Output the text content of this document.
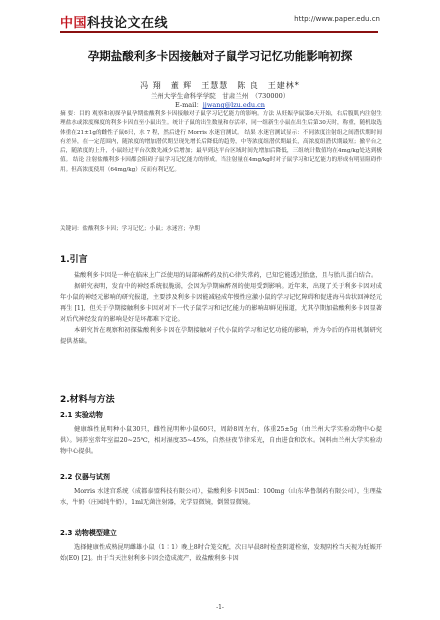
中国科技论文在线	http://www.paper.edu.cn
孕期盐酸利多卡因接触对子鼠学习记忆功能影响初探
冯 翔　董 辉　王慧慧　陈 良　王建林*
兰州大学生命科学学院　甘肃兰州　（730000）
E-mail：jjwang@lzu.edu.cn
摘 要：目的 观察和初探孕鼠孕期盐酸利多卡因接触对子鼠学习记忆能力的影响。方法 从妊娠孕鼠第6天开始，右后腹肌内注射生理盐水或浓度梯度的利多卡因直至小鼠出生。统计子鼠的出生数量和存活率，同一组新生小鼠在出生后第30天时，称重，随机取选体重在21±1g的雌性子鼠6只，水 7 程，然后进行 Morris 水迷宫测试。 结果 水迷宫测试显示：不同浓度注射组之间潜伏期时间有差异，在一定范围内，随浓度的增加潜伏期呈现先增长后降低的趋势，中等浓度组潜伏期最长，高浓度组潜伏期最短；撤平台之后，随浓度的上升，小鼠经过平台次数先减少后增加；最早到达平台区域时间先增加后降低，三组统计数值均在4mg/kg处达到极值。 结论 注射盐酸利多卡因都会阻碍子鼠学习记忆能力的形成。当注射量在4mg/kg时对子鼠学习和记忆能力的形成有明显阻碍作用。但高浓度使用（64mg/kg）反而有利记忆。
关键词：盐酸利多卡因；学习记忆；小鼠；水迷宫；孕期
1.引言

盐酸利多卡因是一种在临床上广泛使用的局部麻醉药及抗心律失常药，已知它能透过胎盘，且与胎儿蛋白结合。

据研究表明，发育中的神经系统很脆弱，会因为孕期麻醉剂的使用受到影响。近年来，出现了关于利多卡因对成年小鼠的神经元影响的研究报道，主要涉及利多卡因能减轻成年慢性应激小鼠的学习记忆障碍和促进海马齿状回神经元再生 [1]，但关于孕期接触利多卡因对对下一代子鼠学习和记忆能力的影响却鲜见报道，尤其孕期加盐酸利多卡因显著对后代神经发育的影响是好是坏都难下定论。

本研究旨在观察和初探盐酸利多卡因在孕期接触对子代小鼠的学习和记忆功能的影响，并为今后的作用机制研究提供基础。

2.材料与方法
2.1 实验动物

健康维性昆明种小鼠30只，雌性昆明种小鼠60只，周龄8周左右，体重25±5g（由兰州大学实验动物中心提供）。饲养室常年室温20~25℃，相对湿度35~45%，自然昼夜节律采光，自由进食和饮水。饲料由兰州大学实验动物中心提供。

2.2 仪器与试剂

Morris 水迷宫系统（成都泰盟科技有限公司），盐酸利多卡因5ml：100mg（山东华鲁制药有限公司），生理盐水，牛奶（庄园纯牛奶），1ml无菌注射器，光学显微镜，倒置显微镜。

2.3 动物模型建立

选择健康性成熟昆明雌雄小鼠（1∶1）晚上8时合笼交配，次日早晨8时检查阴道栓塞，发现阴栓当天视为妊娠开始(E0) [2]。由于当天注射利多卡因会造成流产，故盐酸利多卡因

-1-
